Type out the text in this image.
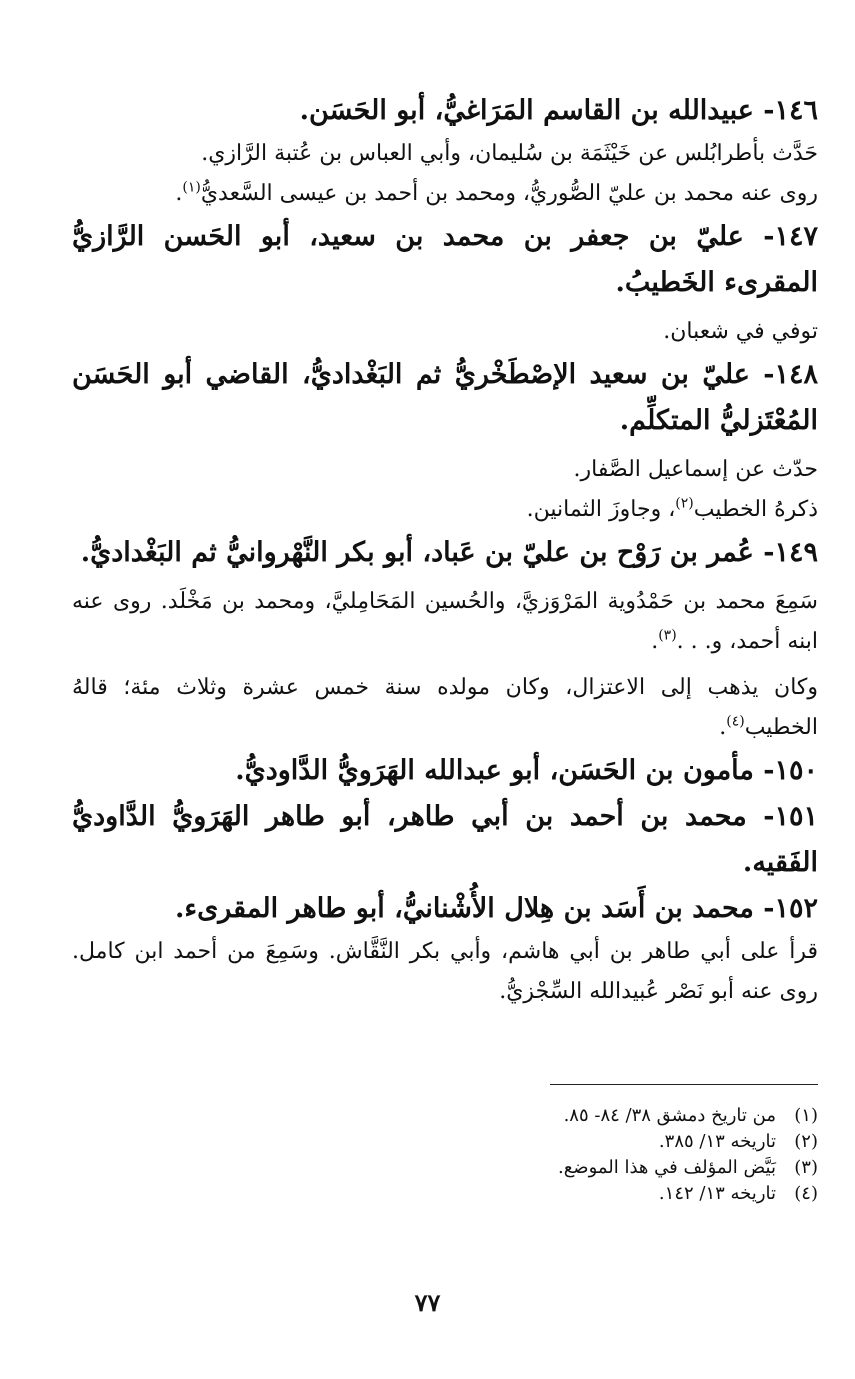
١٤٦- عبيدالله بن القاسم المَرَاغيُّ، أبو الحَسَن.

حَدَّث بأطرابُلس عن خَيْثَمَة بن سُليمان، وأبي العباس بن عُتبة الرَّازي.

روى عنه محمد بن عليّ الصُّوريُّ، ومحمد بن أحمد بن عيسى السَّعديُّ$^{(١)}$.

١٤٧- عليّ بن جعفر بن محمد بن سعيد، أبو الحَسن الرَّازيُّ المقرىء الخَطيبُ.

توفي في شعبان.

١٤٨- عليّ بن سعيد الإصْطَخْريُّ ثم البَغْداديُّ، القاضي أبو الحَسَن المُعْتَزليُّ المتكلِّم.

حدّث عن إسماعيل الصَّفار.

ذكرهُ الخطيب$^{(٢)}$، وجاوزَ الثمانين.

١٤٩- عُمر بن رَوْح بن عليّ بن عَباد، أبو بكر النَّهْروانيُّ ثم البَغْداديُّ.

سَمِعَ محمد بن حَمْدُوية المَرْوَزيَّ، والحُسين المَحَامِليَّ، ومحمد بن مَخْلَد. روى عنه ابنه أحمد، و. . .$^{(٣)}$.

وكان يذهب إلى الاعتزال، وكان مولده سنة خمس عشرة وثلاث مئة؛ قالهُ الخطيب$^{(٤)}$.

١٥٠- مأمون بن الحَسَن، أبو عبدالله الهَرَويُّ الدَّاوديُّ.

١٥١- محمد بن أحمد بن أبي طاهر، أبو طاهر الهَرَويُّ الدَّاوديُّ الفَقيه.

١٥٢- محمد بن أَسَد بن هِلال الأُشْنانيُّ، أبو طاهر المقرىء.

قرأ على أبي طاهر بن أبي هاشم، وأبي بكر النَّقَّاش. وسَمِعَ من أحمد ابن كامل. روى عنه أبو نَصْر عُبيدالله السِّجْزيُّ.

(١)من تاريخ دمشق ٣٨/ ٨٤- ٨٥.

(٢)تاريخه ١٣/ ٣٨٥.

(٣)بَيَّض المؤلف في هذا الموضع.

(٤)تاريخه ١٣/ ١٤٢.

٧٧
